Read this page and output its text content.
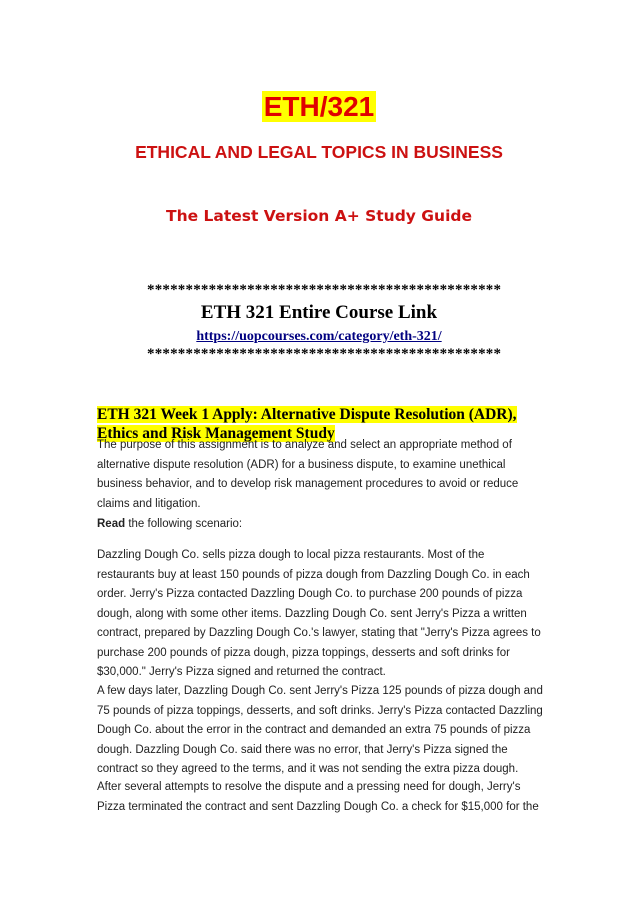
ETH/321
ETHICAL AND LEGAL TOPICS IN BUSINESS
The Latest Version A+ Study Guide
**********************************************
ETH 321 Entire Course Link
https://uopcourses.com/category/eth-321/
**********************************************
ETH 321 Week 1 Apply: Alternative Dispute Resolution (ADR),
Ethics and Risk Management Study

The purpose of this assignment is to analyze and select an appropriate method of alternative dispute resolution (ADR) for a business dispute, to examine unethical business behavior, and to develop risk management procedures to avoid or reduce claims and litigation.

Read the following scenario:

Dazzling Dough Co. sells pizza dough to local pizza restaurants. Most of the restaurants buy at least 150 pounds of pizza dough from Dazzling Dough Co. in each order. Jerry's Pizza contacted Dazzling Dough Co. to purchase 200 pounds of pizza dough, along with some other items. Dazzling Dough Co. sent Jerry's Pizza a written contract, prepared by Dazzling Dough Co.'s lawyer, stating that "Jerry's Pizza agrees to purchase 200 pounds of pizza dough, pizza toppings, desserts and soft drinks for $30,000." Jerry's Pizza signed and returned the contract.

A few days later, Dazzling Dough Co. sent Jerry's Pizza 125 pounds of pizza dough and 75 pounds of pizza toppings, desserts, and soft drinks. Jerry's Pizza contacted Dazzling Dough Co. about the error in the contract and demanded an extra 75 pounds of pizza dough. Dazzling Dough Co. said there was no error, that Jerry's Pizza signed the contract so they agreed to the terms, and it was not sending the extra pizza dough.

After several attempts to resolve the dispute and a pressing need for dough, Jerry's Pizza terminated the contract and sent Dazzling Dough Co. a check for $15,000 for the
